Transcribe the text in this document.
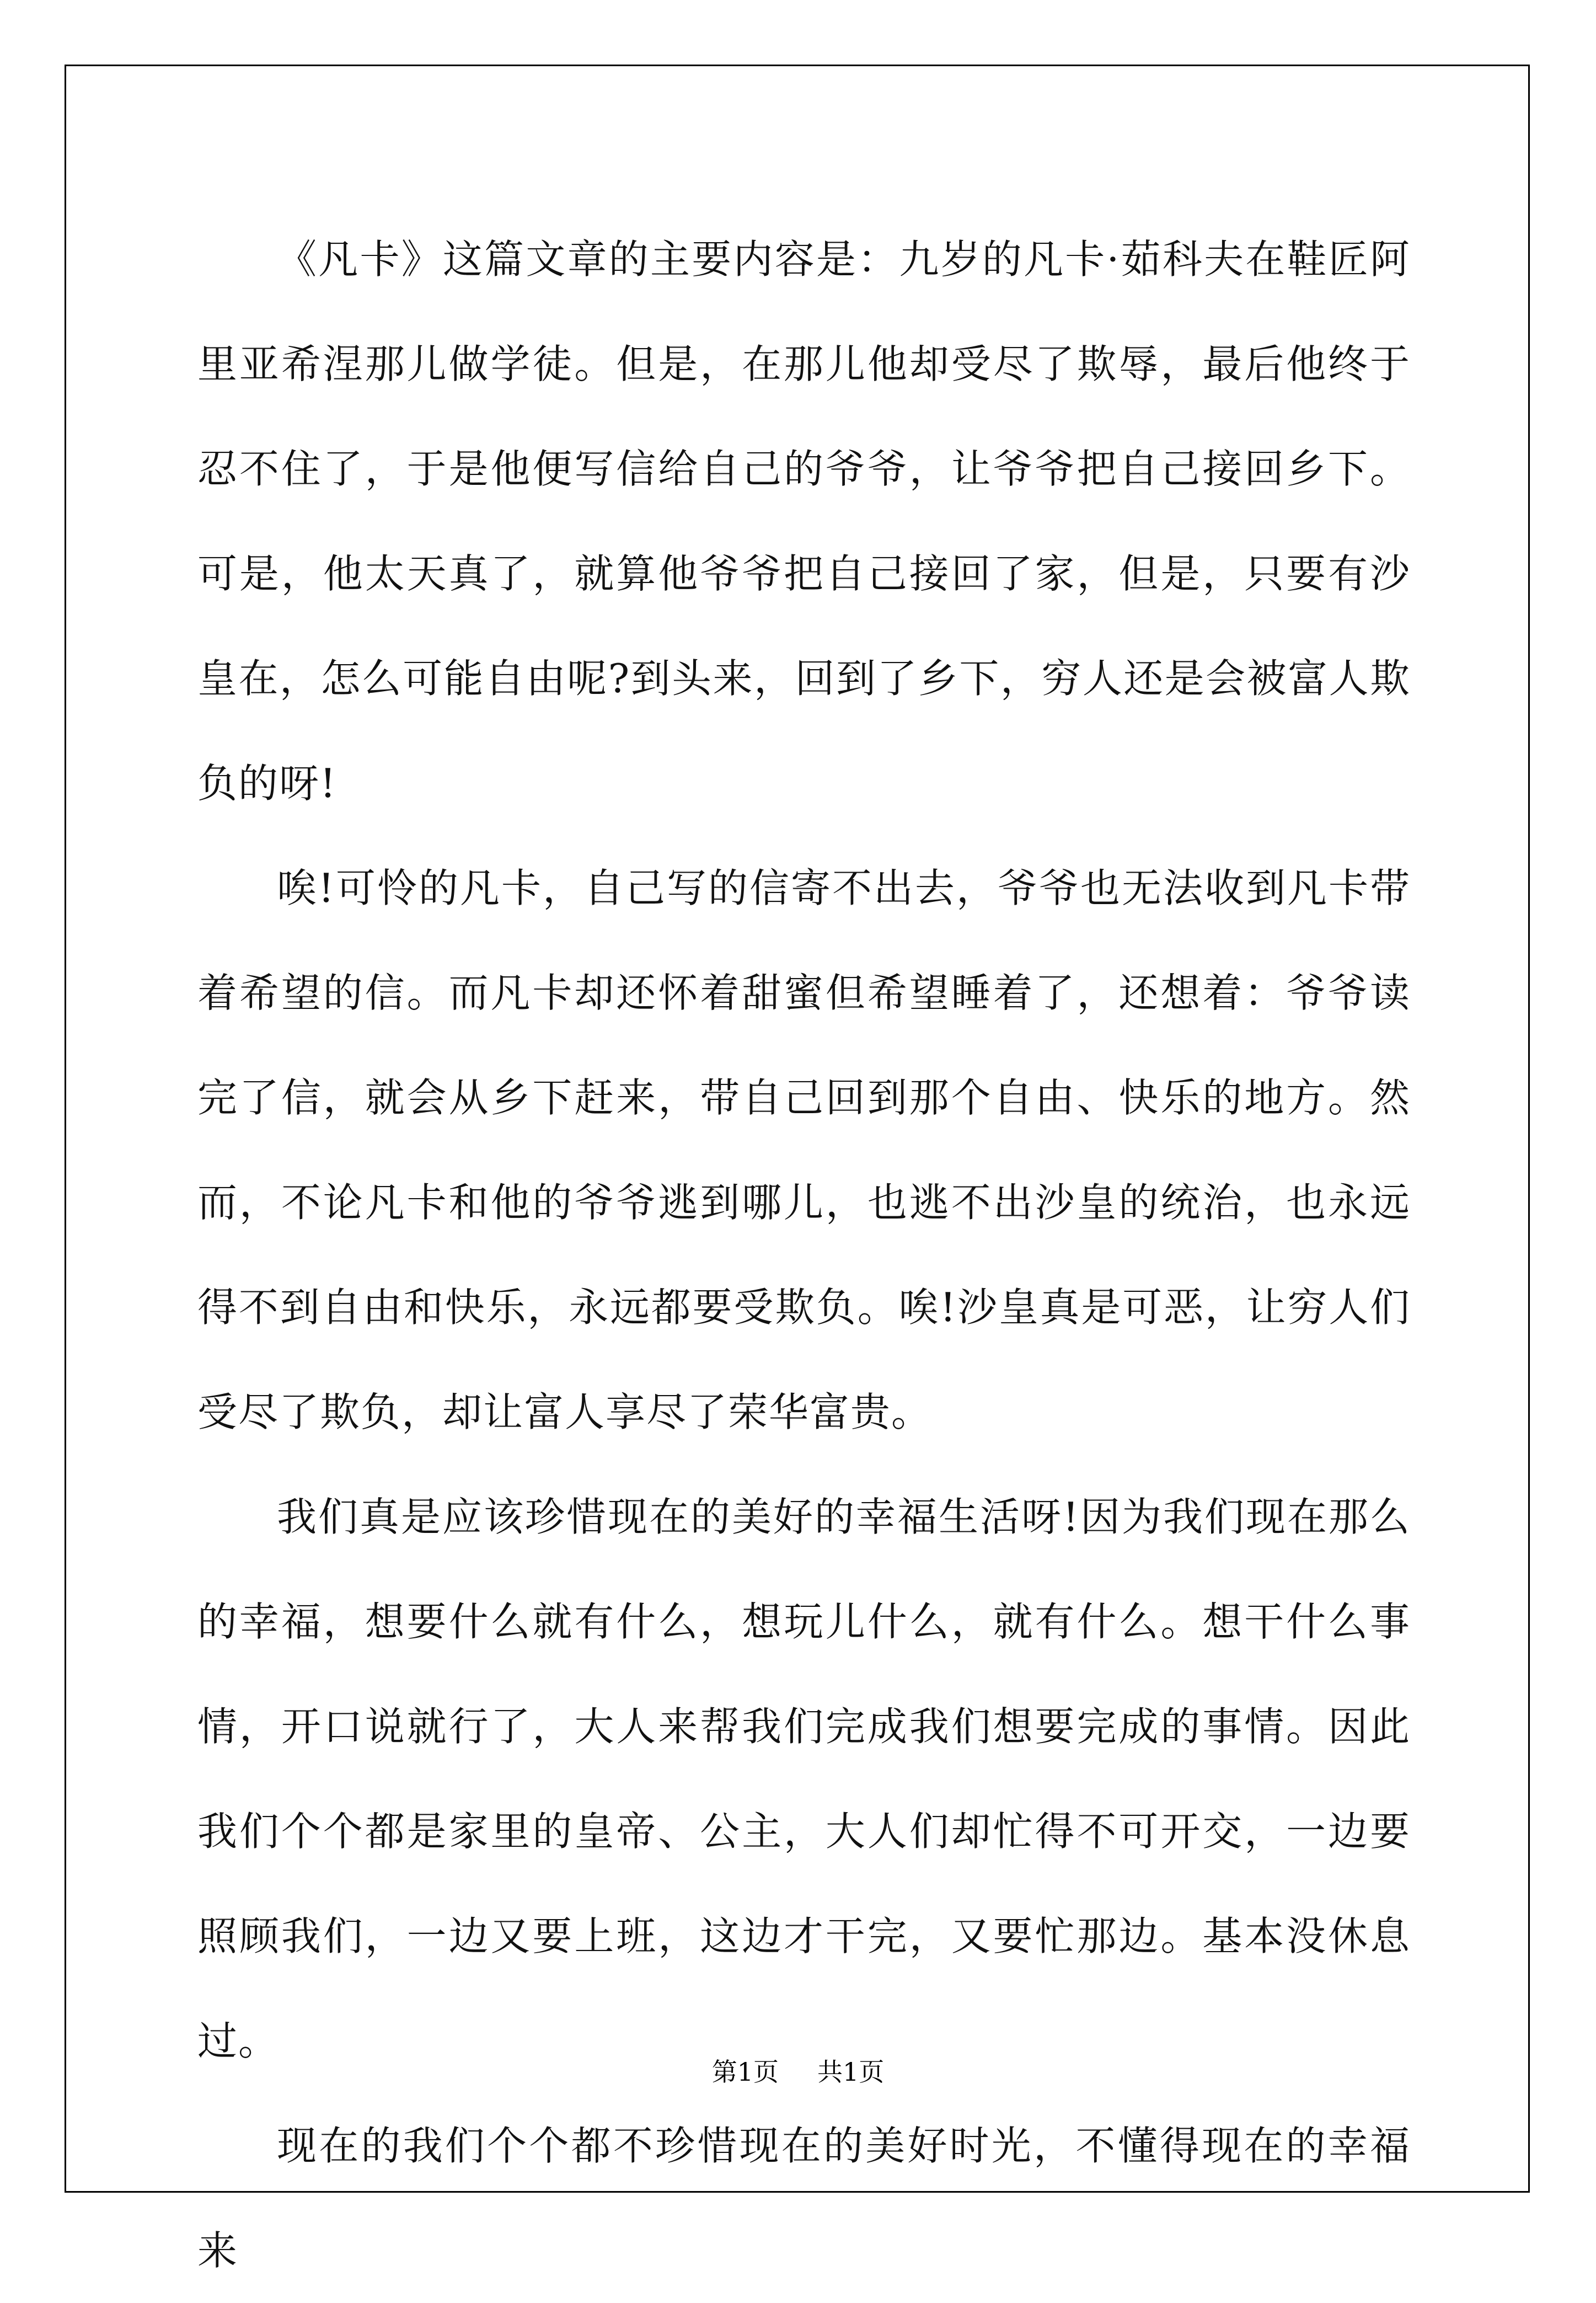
《凡卡》这篇文章的主要内容是：九岁的凡卡·茹科夫在鞋匠阿里亚希涅那儿做学徒。但是，在那儿他却受尽了欺辱，最后他终于忍不住了，于是他便写信给自己的爷爷，让爷爷把自己接回乡下。可是，他太天真了，就算他爷爷把自己接回了家，但是，只要有沙皇在，怎么可能自由呢?到头来，回到了乡下，穷人还是会被富人欺负的呀!

唉!可怜的凡卡，自己写的信寄不出去，爷爷也无法收到凡卡带着希望的信。而凡卡却还怀着甜蜜但希望睡着了，还想着：爷爷读完了信，就会从乡下赶来，带自己回到那个自由、快乐的地方。然而，不论凡卡和他的爷爷逃到哪儿，也逃不出沙皇的统治，也永远得不到自由和快乐，永远都要受欺负。唉!沙皇真是可恶，让穷人们受尽了欺负，却让富人享尽了荣华富贵。

我们真是应该珍惜现在的美好的幸福生活呀!因为我们现在那么的幸福，想要什么就有什么，想玩儿什么，就有什么。想干什么事情，开口说就行了，大人来帮我们完成我们想要完成的事情。因此我们个个都是家里的皇帝、公主，大人们却忙得不可开交，一边要照顾我们，一边又要上班，这边才干完，又要忙那边。基本没休息过。

现在的我们个个都不珍惜现在的美好时光，不懂得现在的幸福来

第1页 共1页
